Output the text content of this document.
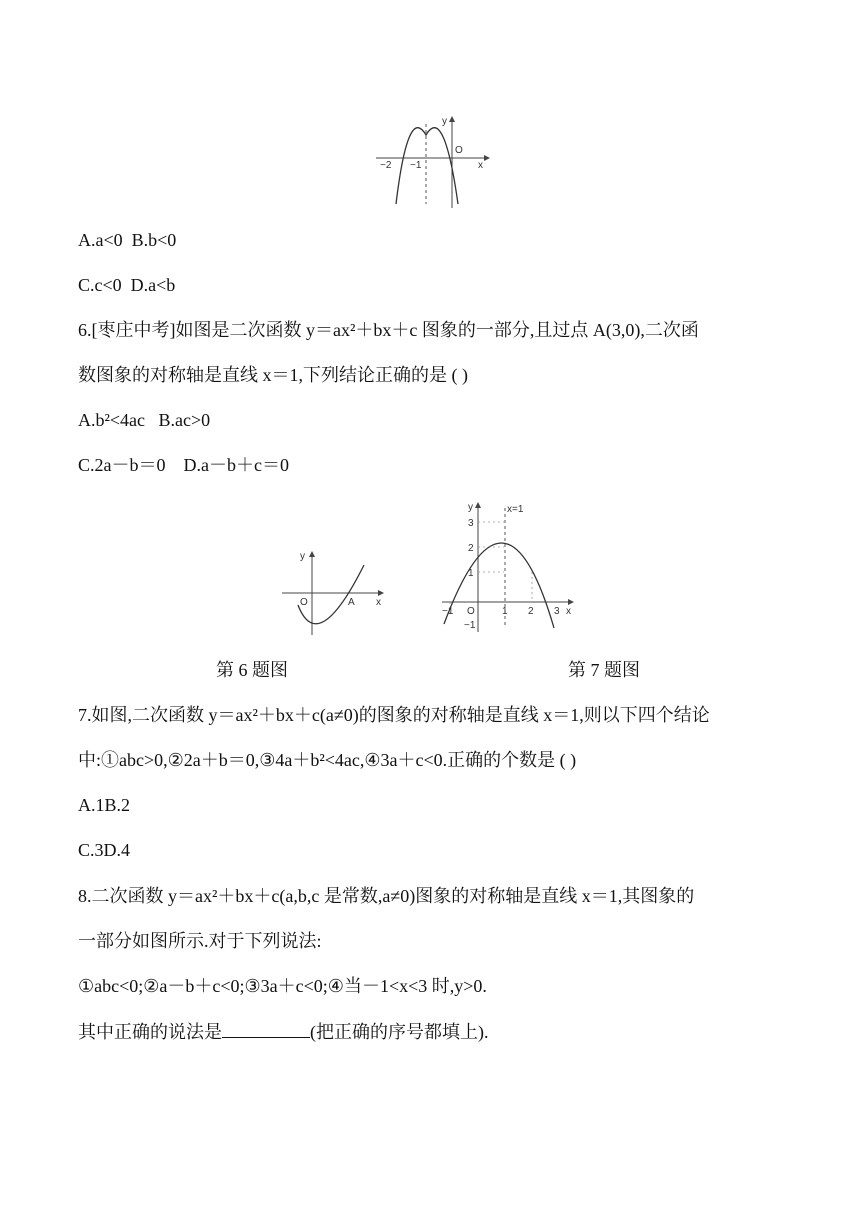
y
x
O
−2 −1
A.a<0 B.b<0
C.c<0 D.a<b
6.[枣庄中考]如图是二次函数 y＝ax²＋bx＋c 图象的一部分,且过点 A(3,0),二次函
数图象的对称轴是直线 x＝1,下列结论正确的是 ( )
A.b²<4ac B.ac>0
C.2a－b＝0 D.a－b＋c＝0
y
x
O	A
第 6 题图
y
x
O
x=1
3
2
1
−1
−1	1 2 3
第 7 题图
7.如图,二次函数 y＝ax²＋bx＋c(a≠0)的图象的对称轴是直线 x＝1,则以下四个结论
中:①abc>0,②2a＋b＝0,③4a＋b²<4ac,④3a＋c<0.正确的个数是 ( )
A.1B.2
C.3D.4
8.二次函数 y＝ax²＋bx＋c(a,b,c 是常数,a≠0)图象的对称轴是直线 x＝1,其图象的
一部分如图所示.对于下列说法:
①abc<0;②a－b＋c<0;③3a＋c<0;④当－1<x<3 时,y>0.
其中正确的说法是	(把正确的序号都填上).
